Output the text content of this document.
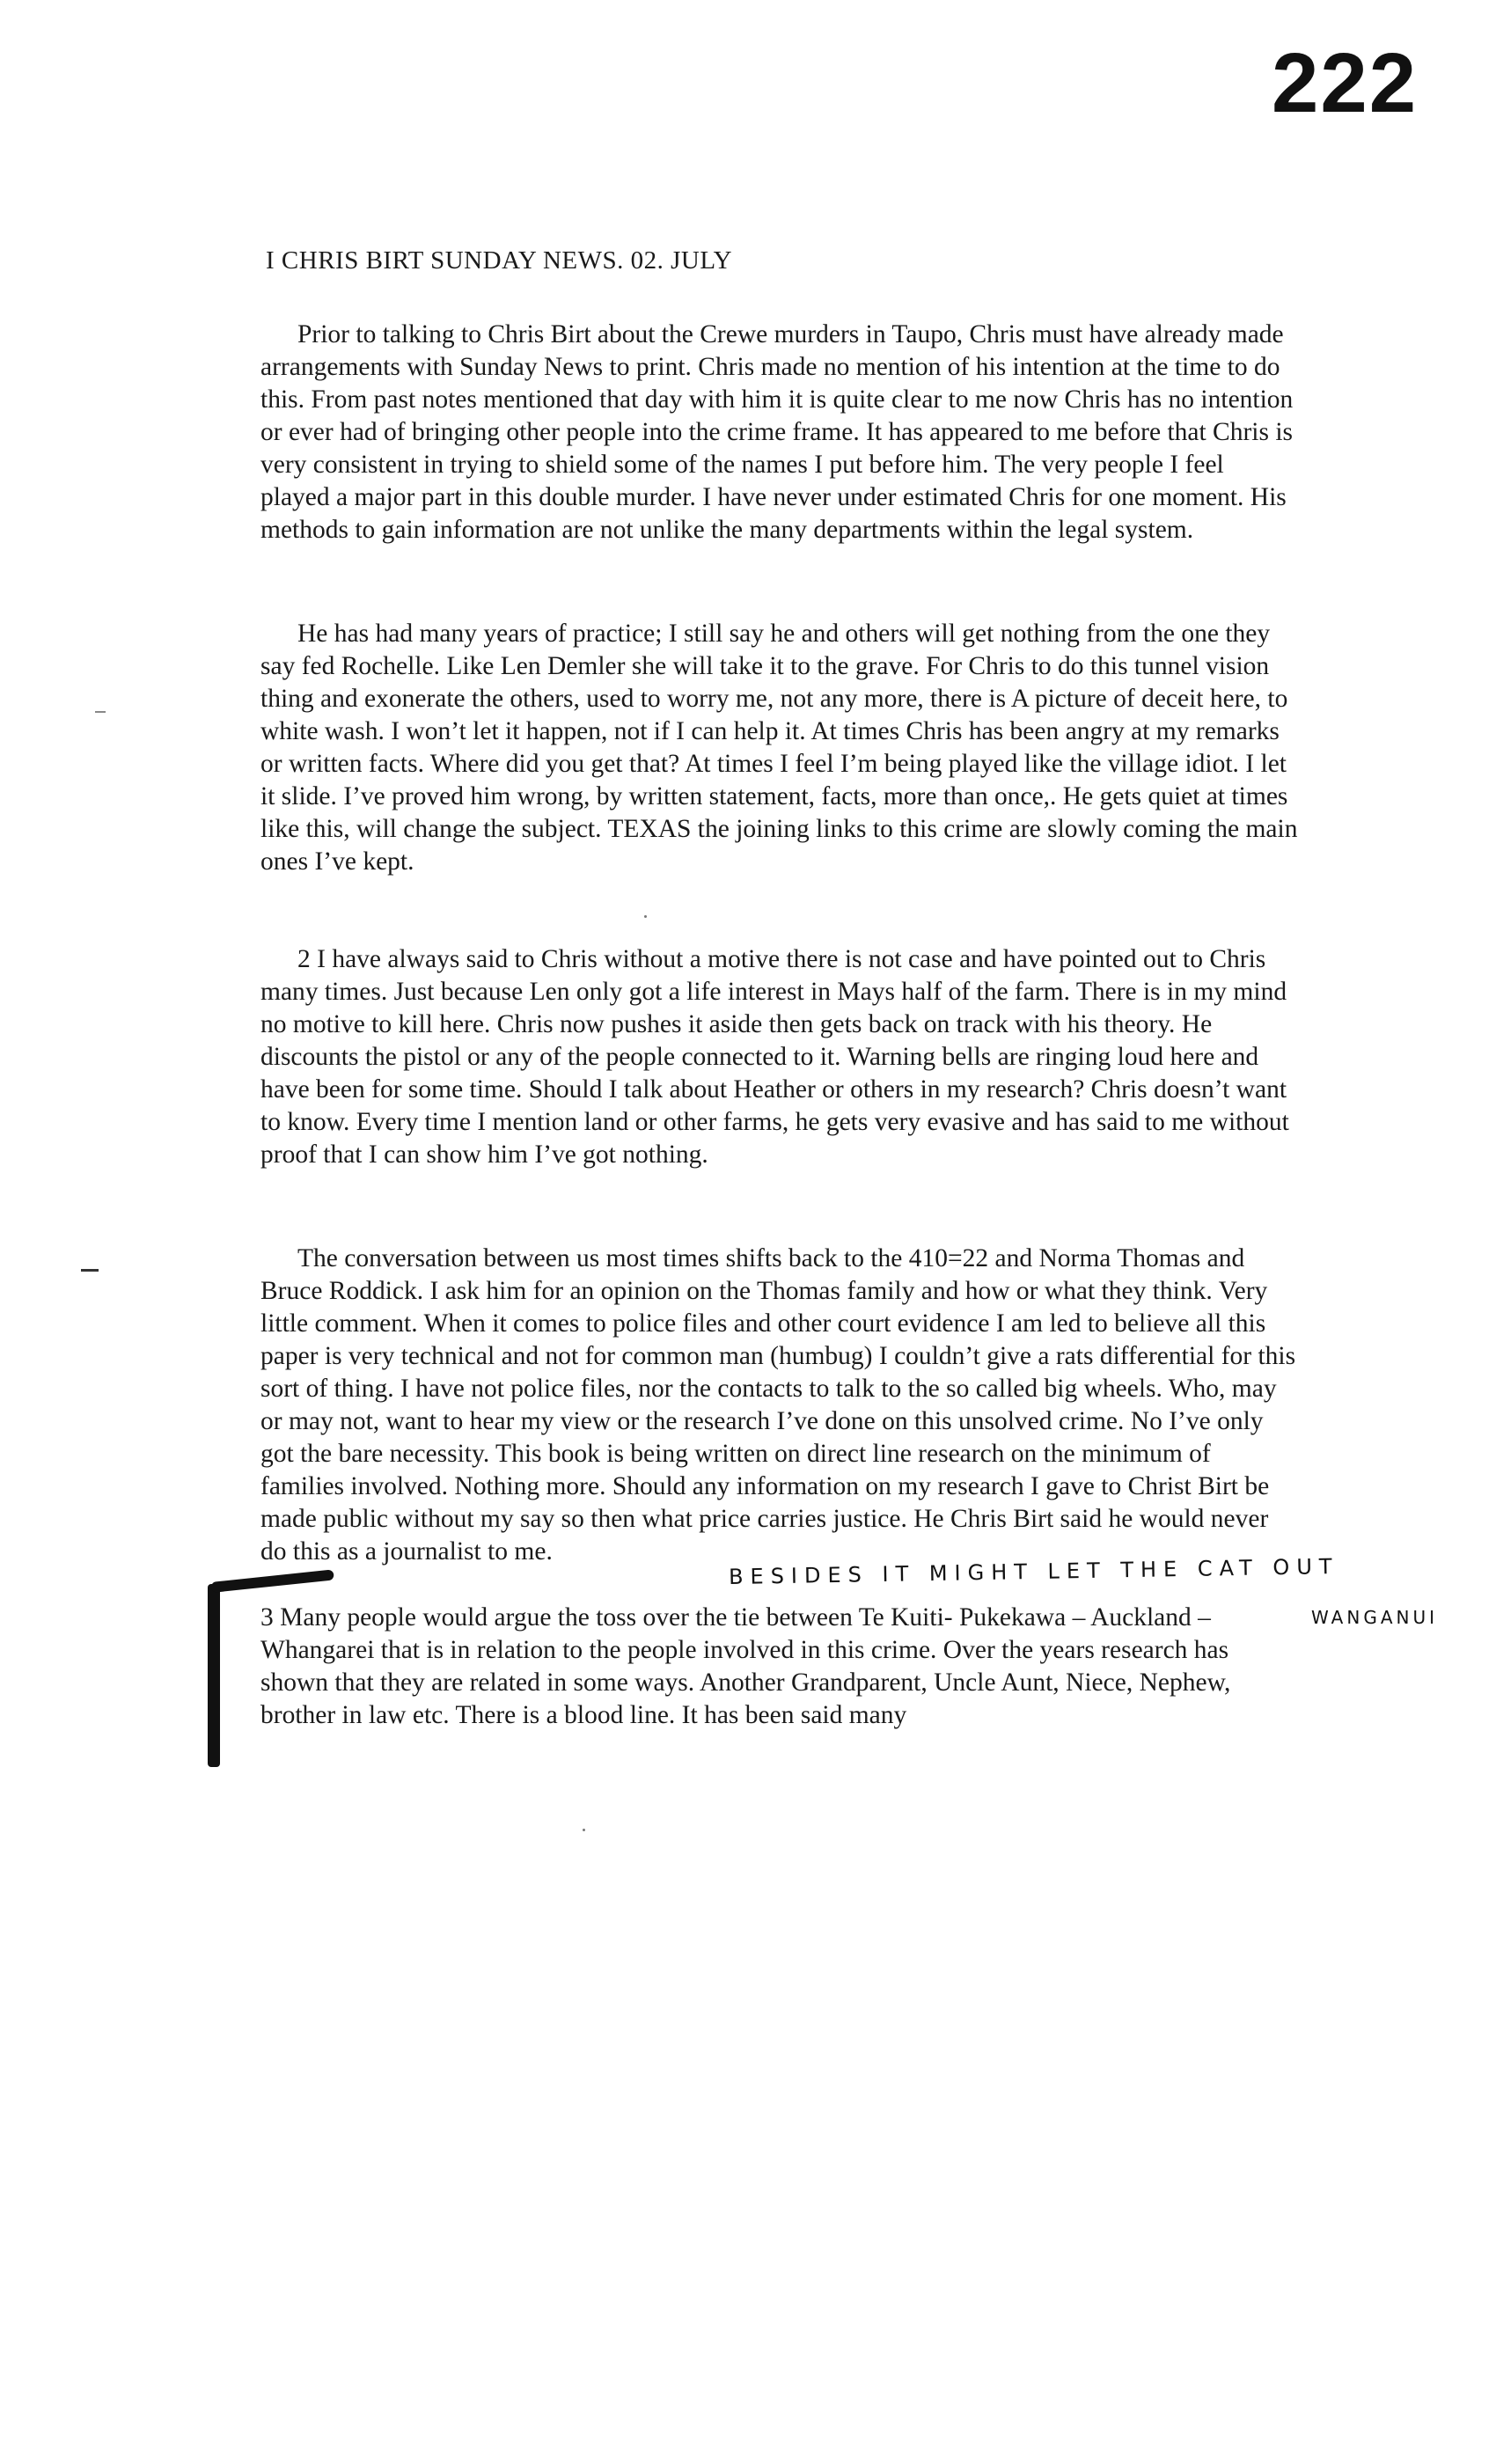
222
I CHRIS BIRT SUNDAY NEWS. 02. JULY

Prior to talking to Chris Birt about the Crewe murders in Taupo, Chris must have already made arrangements with Sunday News to print. Chris made no mention of his intention at the time to do this. From past notes mentioned that day with him it is quite clear to me now Chris has no intention or ever had of bringing other people into the crime frame. It has appeared to me before that Chris is very consistent in trying to shield some of the names I put before him. The very people I feel played a major part in this double murder. I have never under estimated Chris for one moment. His methods to gain information are not unlike the many departments within the legal system.

He has had many years of practice; I still say he and others will get nothing from the one they say fed Rochelle. Like Len Demler she will take it to the grave. For Chris to do this tunnel vision thing and exonerate the others, used to worry me, not any more, there is A picture of deceit here, to white wash. I won’t let it happen, not if I can help it. At times Chris has been angry at my remarks or written facts. Where did you get that? At times I feel I’m being played like the village idiot. I let it slide. I’ve proved him wrong, by written statement, facts, more than once,. He gets quiet at times like this, will change the subject. TEXAS the joining links to this crime are slowly coming the main ones I’ve kept.

2 I have always said to Chris without a motive there is not case and have pointed out to Chris many times. Just because Len only got a life interest in Mays half of the farm. There is in my mind no motive to kill here. Chris now pushes it aside then gets back on track with his theory. He discounts the pistol or any of the people connected to it. Warning bells are ringing loud here and have been for some time. Should I talk about Heather or others in my research? Chris doesn’t want to know. Every time I mention land or other farms, he gets very evasive and has said to me without proof that I can show him I’ve got nothing.

The conversation between us most times shifts back to the 410=22 and Norma Thomas and Bruce Roddick. I ask him for an opinion on the Thomas family and how or what they think. Very little comment. When it comes to police files and other court evidence I am led to believe all this paper is very technical and not for common man (humbug) I couldn’t give a rats differential for this sort of thing. I have not police files, nor the contacts to talk to the so called big wheels. Who, may or may not, want to hear my view or the research I’ve done on this unsolved crime. No I’ve only got the bare necessity. This book is being written on direct line research on the minimum of families involved. Nothing more. Should any information on my research I gave to Christ Birt be made public without my say so then what price carries justice. He Chris Birt said he would never do this as a journalist to me.

3 Many people would argue the toss over the tie between Te Kuiti- Pukekawa – Auckland – Whangarei that is in relation to the people involved in this crime. Over the years research has shown that they are related in some ways. Another Grandparent, Uncle Aunt, Niece, Nephew, brother in law etc. There is a blood line. It has been said many

BESIDES IT MIGHT LET THE CAT OUT
WANGANUI
